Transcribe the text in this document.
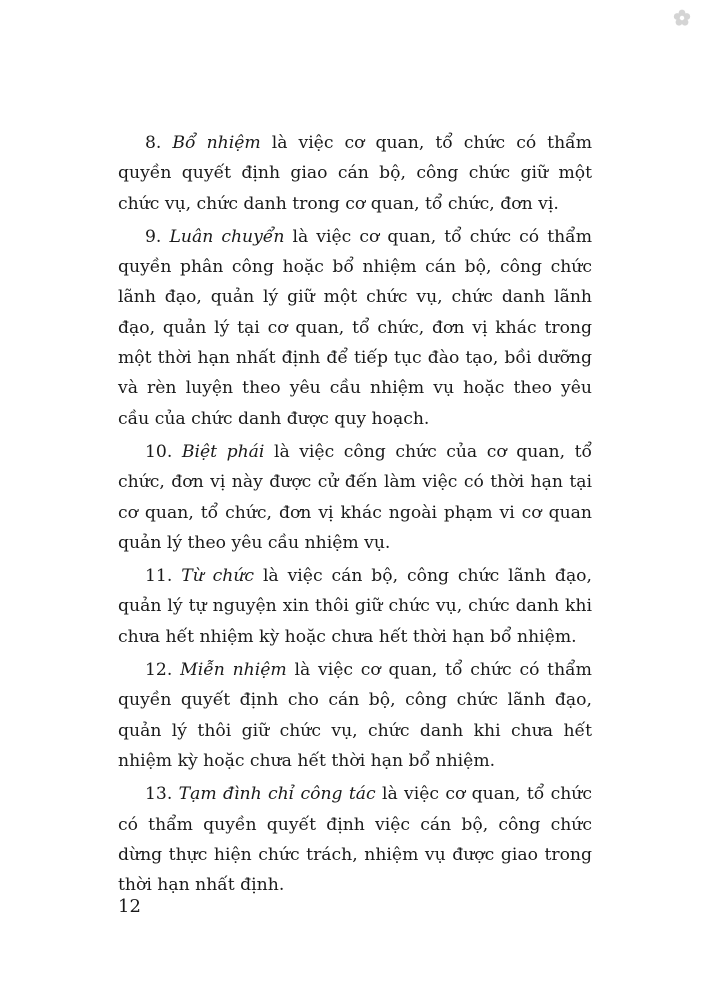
8. Bổ nhiệm là việc cơ quan, tổ chức có thẩm quyền quyết định giao cán bộ, công chức giữ một chức vụ, chức danh trong cơ quan, tổ chức, đơn vị.

9. Luân chuyển là việc cơ quan, tổ chức có thẩm quyền phân công hoặc bổ nhiệm cán bộ, công chức lãnh đạo, quản lý giữ một chức vụ, chức danh lãnh đạo, quản lý tại cơ quan, tổ chức, đơn vị khác trong một thời hạn nhất định để tiếp tục đào tạo, bồi dưỡng và rèn luyện theo yêu cầu nhiệm vụ hoặc theo yêu cầu của chức danh được quy hoạch.

10. Biệt phái là việc công chức của cơ quan, tổ chức, đơn vị này được cử đến làm việc có thời hạn tại cơ quan, tổ chức, đơn vị khác ngoài phạm vi cơ quan quản lý theo yêu cầu nhiệm vụ.

11. Từ chức là việc cán bộ, công chức lãnh đạo, quản lý tự nguyện xin thôi giữ chức vụ, chức danh khi chưa hết nhiệm kỳ hoặc chưa hết thời hạn bổ nhiệm.

12. Miễn nhiệm là việc cơ quan, tổ chức có thẩm quyền quyết định cho cán bộ, công chức lãnh đạo, quản lý thôi giữ chức vụ, chức danh khi chưa hết nhiệm kỳ hoặc chưa hết thời hạn bổ nhiệm.

13. Tạm đình chỉ công tác là việc cơ quan, tổ chức có thẩm quyền quyết định việc cán bộ, công chức dừng thực hiện chức trách, nhiệm vụ được giao trong thời hạn nhất định.

12
